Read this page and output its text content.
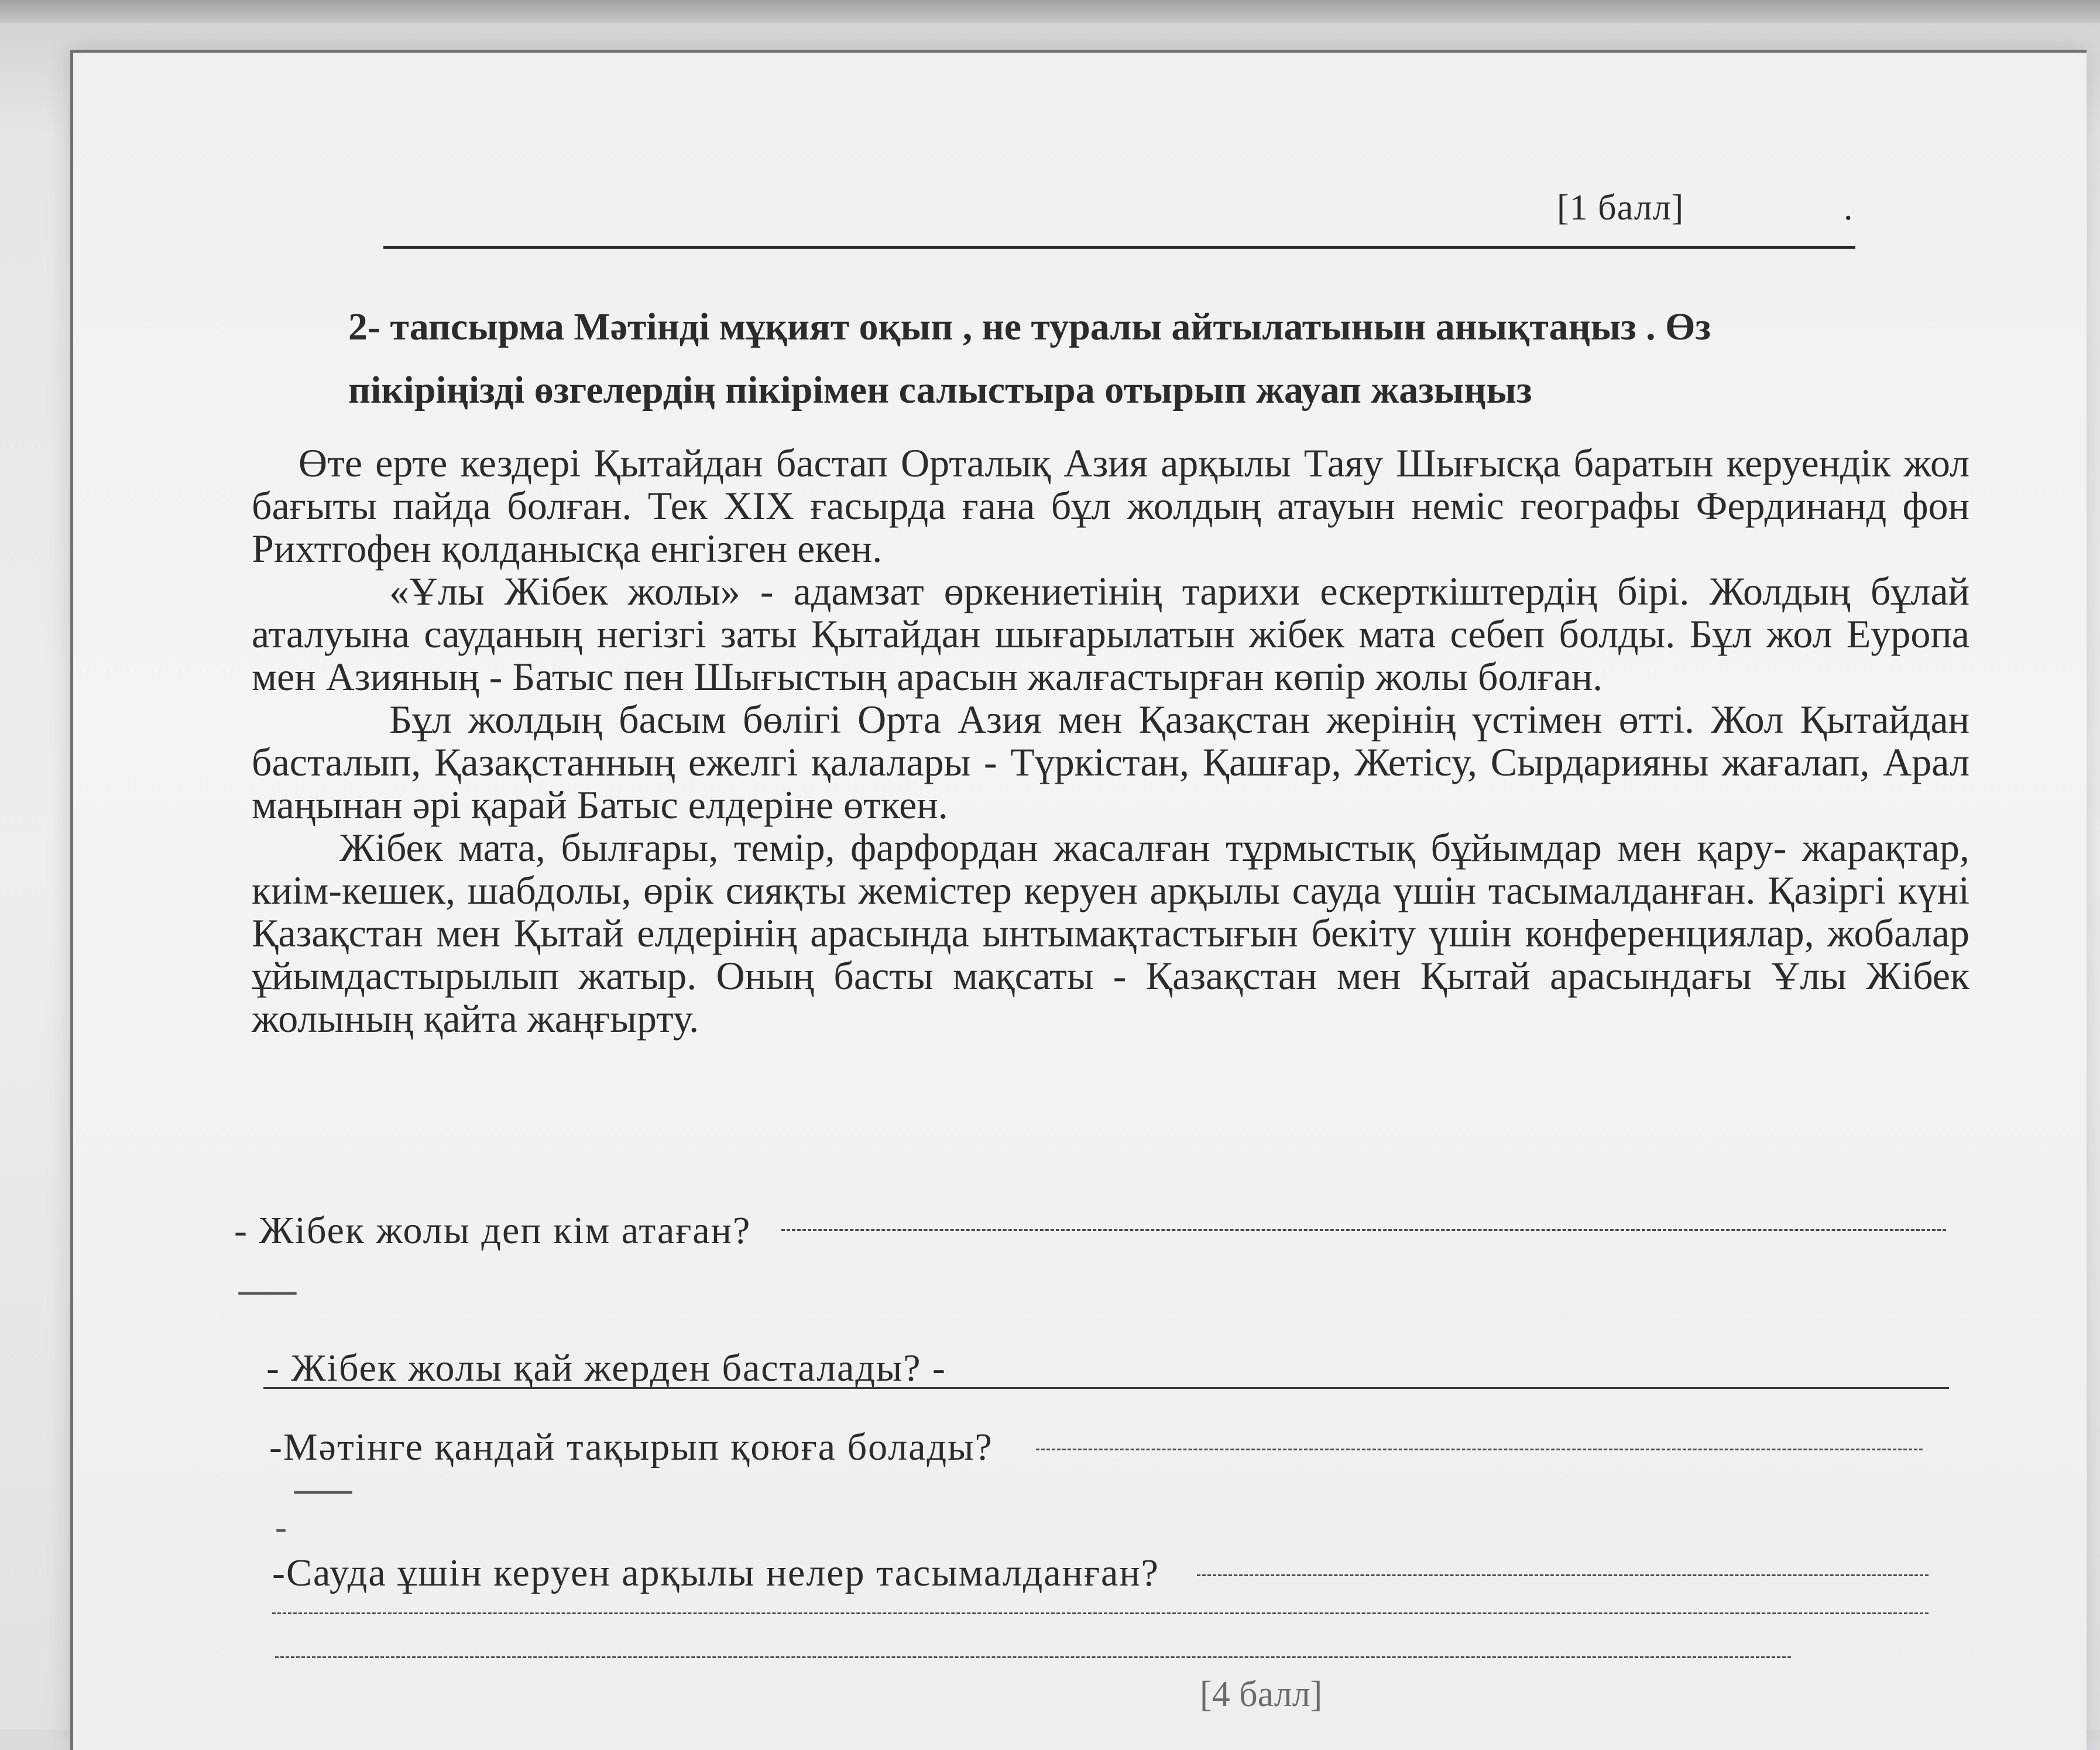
[1 балл]	.
2- тапсырма Мәтінді мұқият оқып , не туралы айтылатынын анықтаңыз . Өз пікіріңізді өзгелердің пікірімен салыстыра отырып жауап жазыңыз

Өте ерте кездері Қытайдан бастап Орталық Азия арқылы Таяу Шығысқа баратын керуендік жол бағыты пайда болған. Тек XIX ғасырда ғана бұл жолдың атауын неміс географы Фердинанд фон Рихтгофен қолданысқа енгізген екен.

«Ұлы Жібек жолы» - адамзат өркениетінің тарихи ескерткіштердің бірі. Жолдың бұлай аталуына сауданың негізгі заты Қытайдан шығарылатын жібек мата себеп болды. Бұл жол Еуропа мен Азияның - Батыс пен Шығыстың арасын жалғастырған көпір жолы болған.

Бұл жолдың басым бөлігі Орта Азия мен Қазақстан жерінің үстімен өтті. Жол Қытайдан басталып, Қазақстанның ежелгі қалалары - Түркістан, Қашғар, Жетісу, Сырдарияны жағалап, Арал маңынан әрі қарай Батыс елдеріне өткен.

Жібек мата, былғары, темір, фарфордан жасалған тұрмыстық бұйымдар мен қару- жарақтар, киім-кешек, шабдолы, өрік сияқты жемістер керуен арқылы сауда үшін тасымалданған. Қазіргі күні Қазақстан мен Қытай елдерінің арасында ынтымақтастығын бекіту үшін конференциялар, жобалар ұйымдастырылып жатыр. Оның басты мақсаты - Қазақстан мен Қытай арасындағы Ұлы Жібек жолының қайта жаңғырту.

- Жібек жолы деп кім атаған?
-------
- Жібек жолы қай жерден басталады? -
-Мәтінге қандай тақырып қоюға болады?
-------
-
-Сауда ұшін керуен арқылы нелер тасымалданған?
[4 балл]
